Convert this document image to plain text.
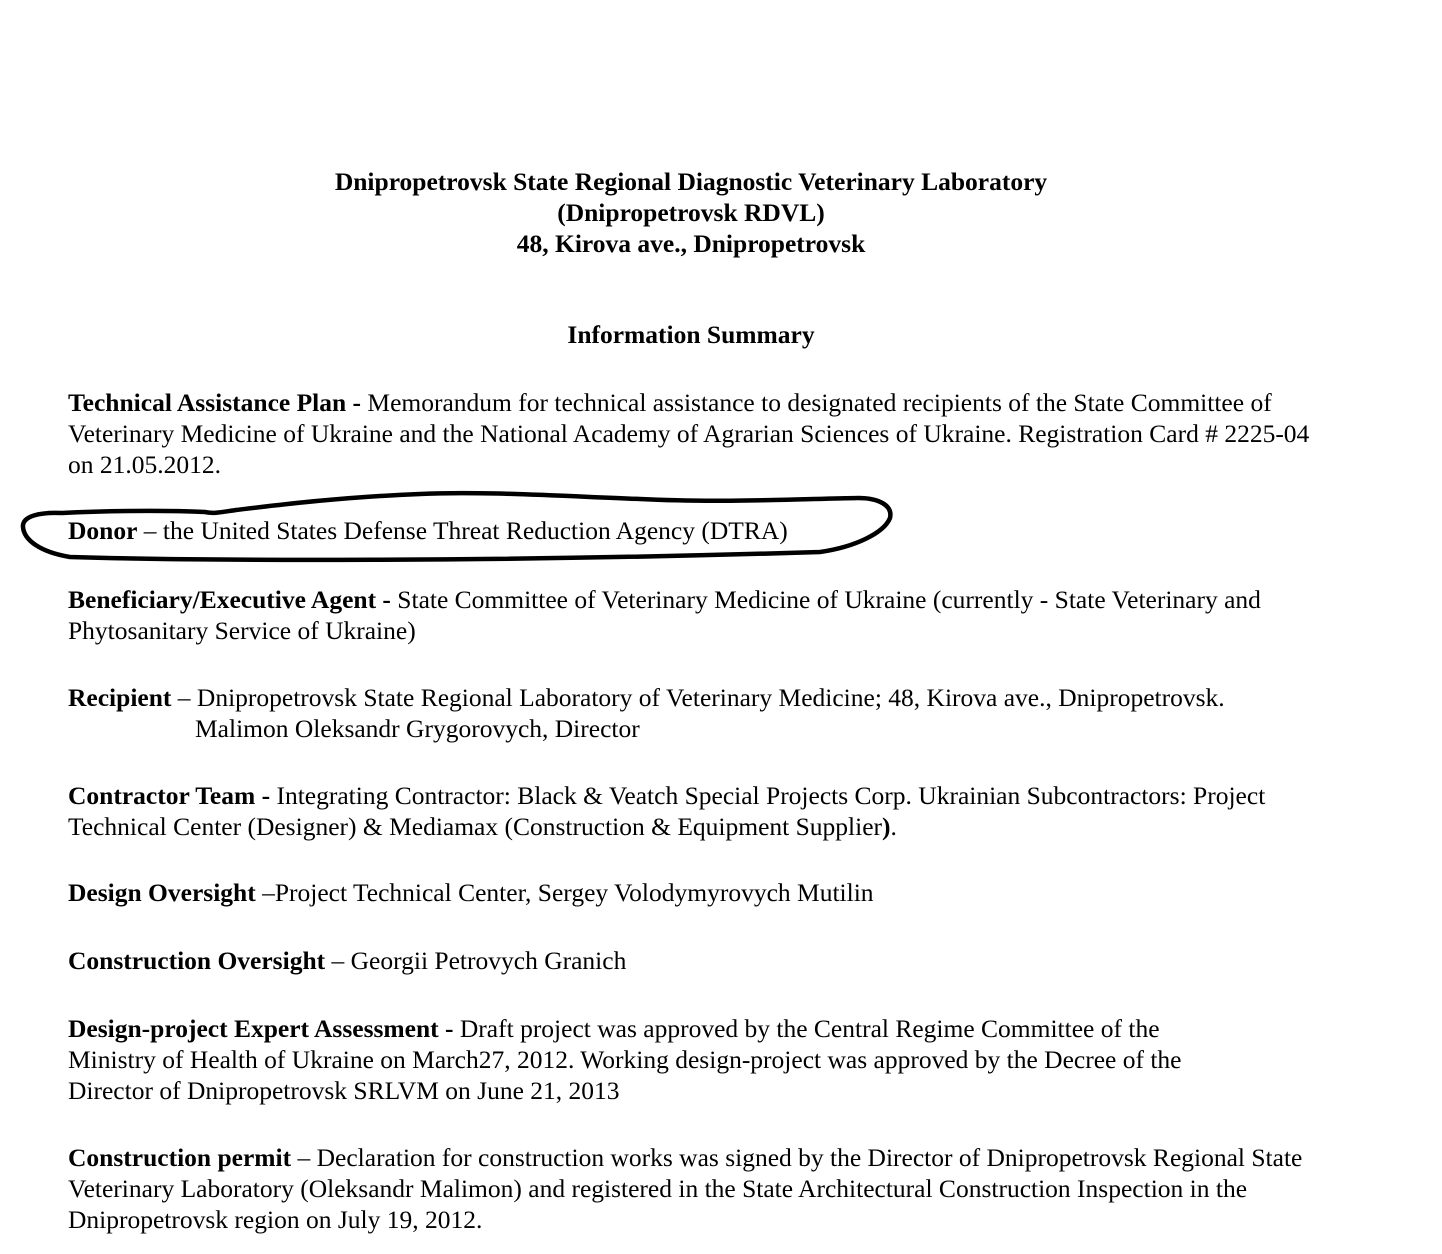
Dnipropetrovsk State Regional Diagnostic Veterinary Laboratory
(Dnipropetrovsk RDVL)
48, Kirova ave., Dnipropetrovsk
Information Summary
Technical Assistance Plan - Memorandum for technical assistance to designated recipients of the State Committee of Veterinary Medicine of Ukraine and the National Academy of Agrarian Sciences of Ukraine. Registration Card # 2225-04 on 21.05.2012.
Donor – the United States Defense Threat Reduction Agency (DTRA)
Beneficiary/Executive Agent - State Committee of Veterinary Medicine of Ukraine (currently - State Veterinary and Phytosanitary Service of Ukraine)
Recipient – Dnipropetrovsk State Regional Laboratory of Veterinary Medicine; 48, Kirova ave., Dnipropetrovsk.
Malimon Oleksandr Grygorovych, Director
Contractor Team - Integrating Contractor: Black & Veatch Special Projects Corp. Ukrainian Subcontractors: Project Technical Center (Designer) & Mediamax (Construction & Equipment Supplier).
Design Oversight –Project Technical Center, Sergey Volodymyrovych Mutilin
Construction Oversight – Georgii Petrovych Granich
Design-project Expert Assessment - Draft project was approved by the Central Regime Committee of the Ministry of Health of Ukraine on March27, 2012. Working design-project was approved by the Decree of the Director of Dnipropetrovsk SRLVM on June 21, 2013
Construction permit – Declaration for construction works was signed by the Director of Dnipropetrovsk Regional State Veterinary Laboratory (Oleksandr Malimon) and registered in the State Architectural Construction Inspection in the Dnipropetrovsk region on July 19, 2012.
